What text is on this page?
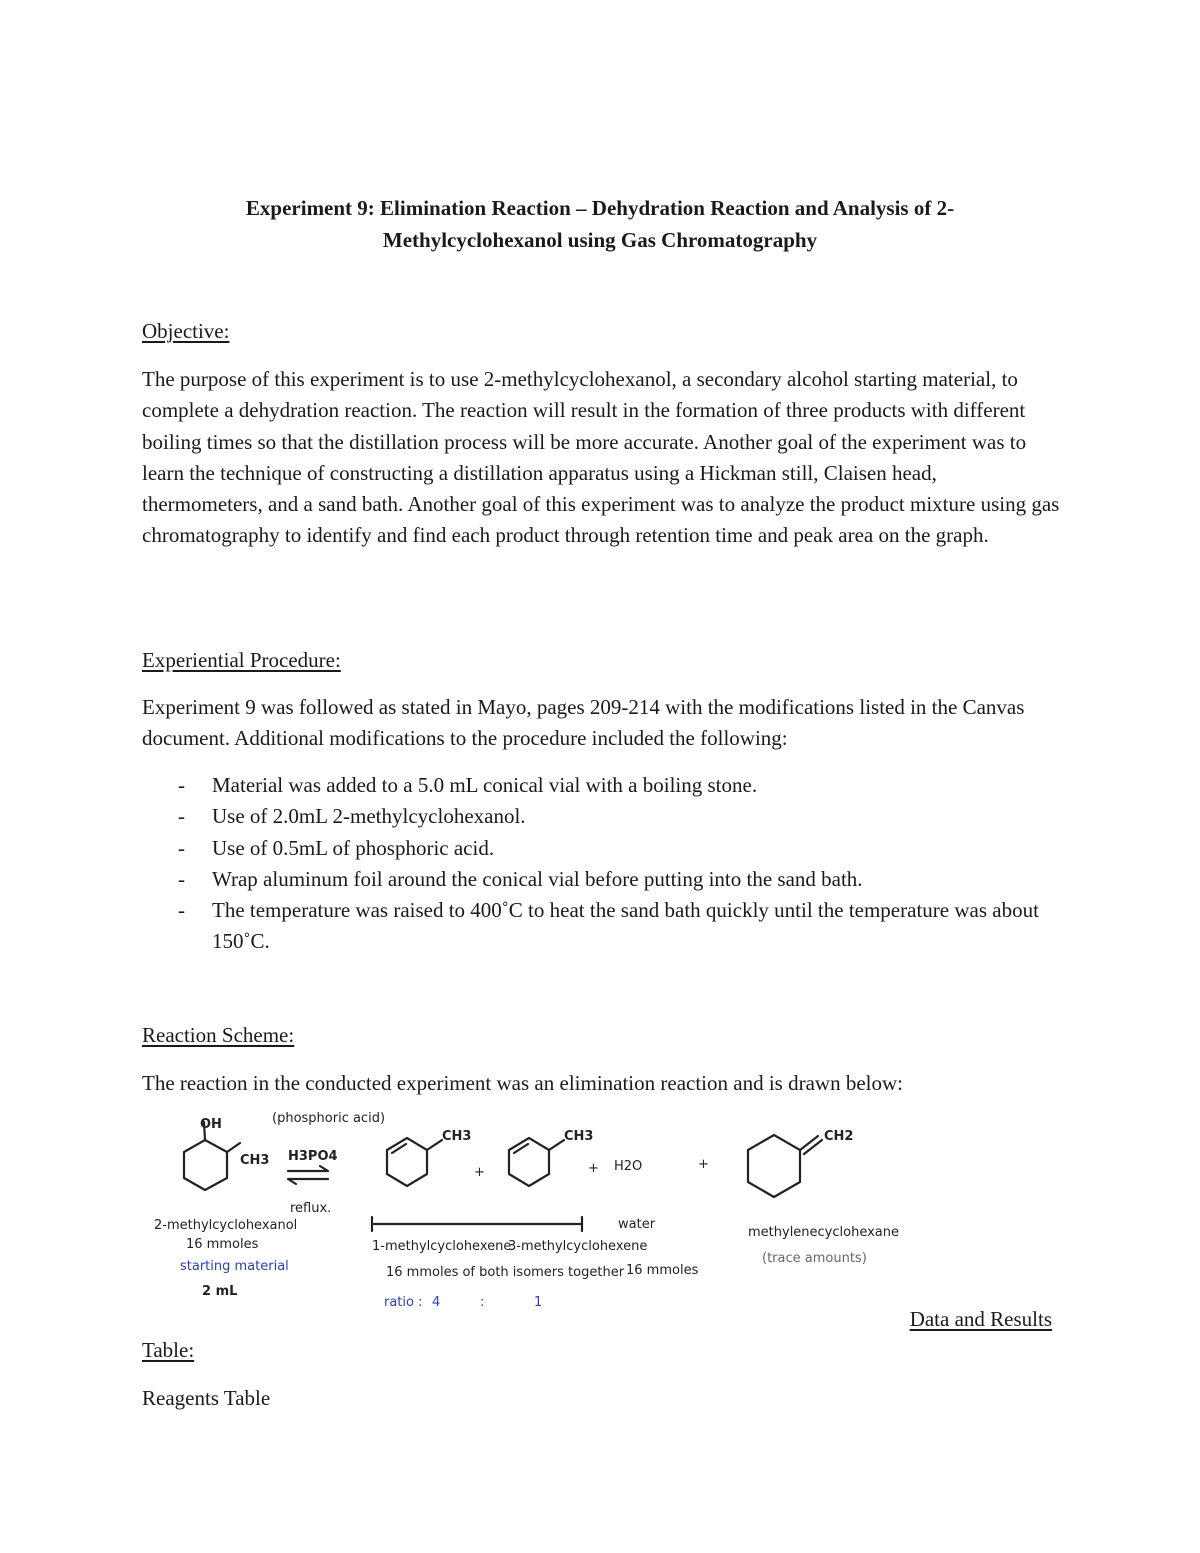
Experiment 9: Elimination Reaction – Dehydration Reaction and Analysis of 2-
Methylcyclohexanol using Gas Chromatography
Objective:
The purpose of this experiment is to use 2-methylcyclohexanol, a secondary alcohol starting material, to complete a dehydration reaction. The reaction will result in the formation of three products with different boiling times so that the distillation process will be more accurate. Another goal of the experiment was to learn the technique of constructing a distillation apparatus using a Hickman still, Claisen head, thermometers, and a sand bath. Another goal of this experiment was to analyze the product mixture using gas chromatography to identify and find each product through retention time and peak area on the graph.
Experiential Procedure:
Experiment 9 was followed as stated in Mayo, pages 209-214 with the modifications listed in the Canvas document. Additional modifications to the procedure included the following:
- Material was added to a 5.0 mL conical vial with a boiling stone.
- Use of 2.0mL 2-methylcyclohexanol.
- Use of 0.5mL of phosphoric acid.
- Wrap aluminum foil around the conical vial before putting into the sand bath.
- The temperature was raised to 400˚C to heat the sand bath quickly until the temperature was about 150˚C.
Reaction Scheme:
The reaction in the conducted experiment was an elimination reaction and is drawn below:
OH
CH3
2-methylcyclohexanol
16 mmoles
starting material
2 mL
(phosphoric acid)
H3PO4
reflux.
CH3
+
CH3
+ H2O	+
CH2
1-methylcyclohexene
3-methylcyclohexene
16 mmoles of both isomers together
ratio : 4	:	1
water
16 mmoles
methylenecyclohexane
(trace amounts)
Data and Results
Table:
Reagents Table
